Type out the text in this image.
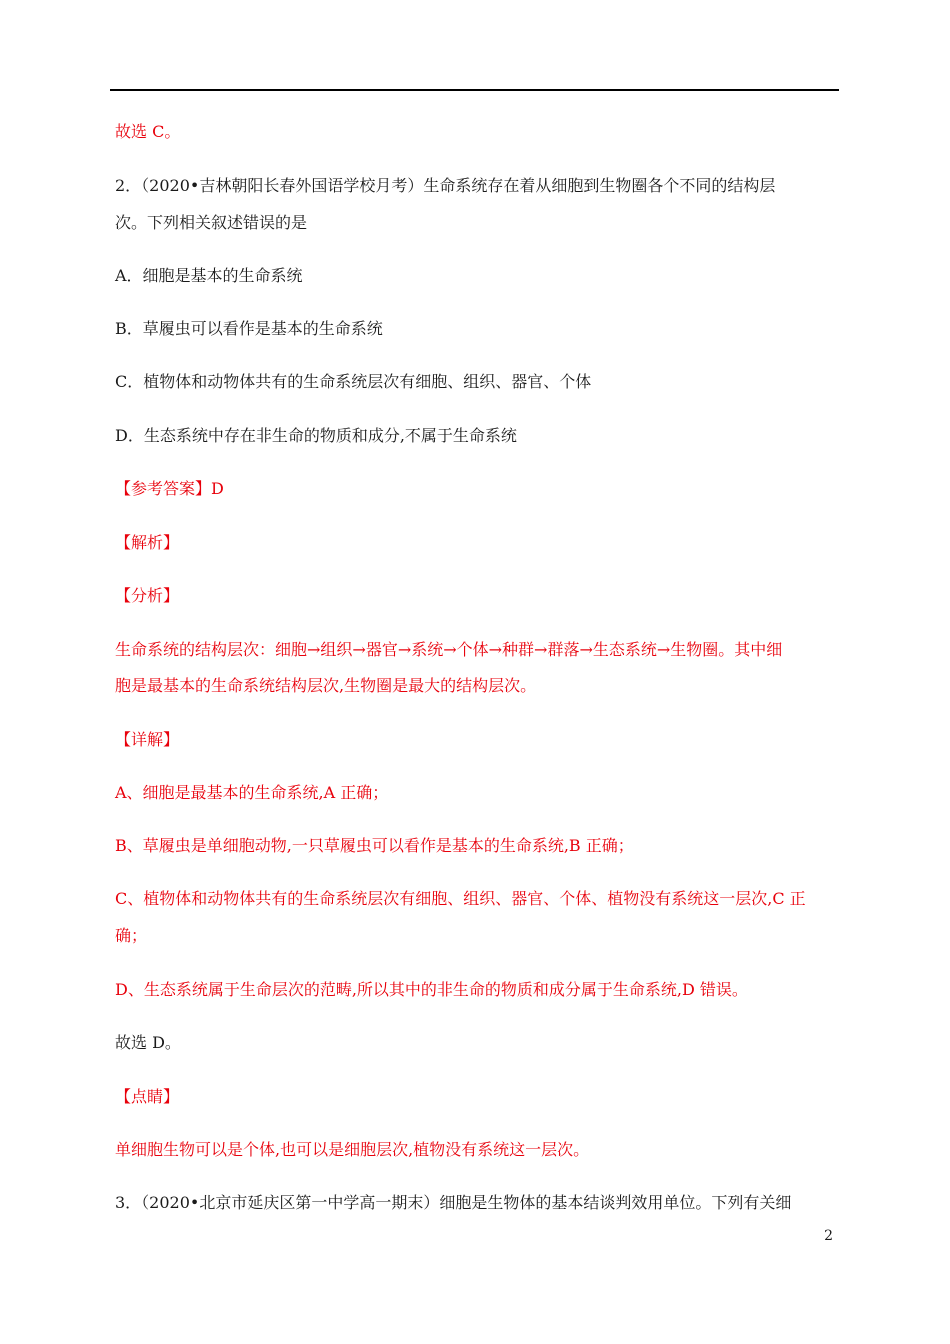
故选 C。
2．（2020•吉林朝阳长春外国语学校月考）生命系统存在着从细胞到生物圈各个不同的结构层
次。下列相关叙述错误的是
A．细胞是基本的生命系统
B．草履虫可以看作是基本的生命系统
C．植物体和动物体共有的生命系统层次有细胞、组织、器官、个体
D．生态系统中存在非生命的物质和成分,不属于生命系统
【参考答案】D
【解析】
【分析】
生命系统的结构层次：细胞→组织→器官→系统→个体→种群→群落→生态系统→生物圈。其中细
胞是最基本的生命系统结构层次,生物圈是最大的结构层次。
【详解】
A、细胞是最基本的生命系统,A 正确；
B、草履虫是单细胞动物,一只草履虫可以看作是基本的生命系统,B 正确；
C、植物体和动物体共有的生命系统层次有细胞、组织、器官、个体、植物没有系统这一层次,C 正
确；
D、生态系统属于生命层次的范畴,所以其中的非生命的物质和成分属于生命系统,D 错误。
故选 D。
【点睛】
单细胞生物可以是个体,也可以是细胞层次,植物没有系统这一层次。
3．（2020•北京市延庆区第一中学高一期末）细胞是生物体的基本结谈判效用单位。下列有关细
2
